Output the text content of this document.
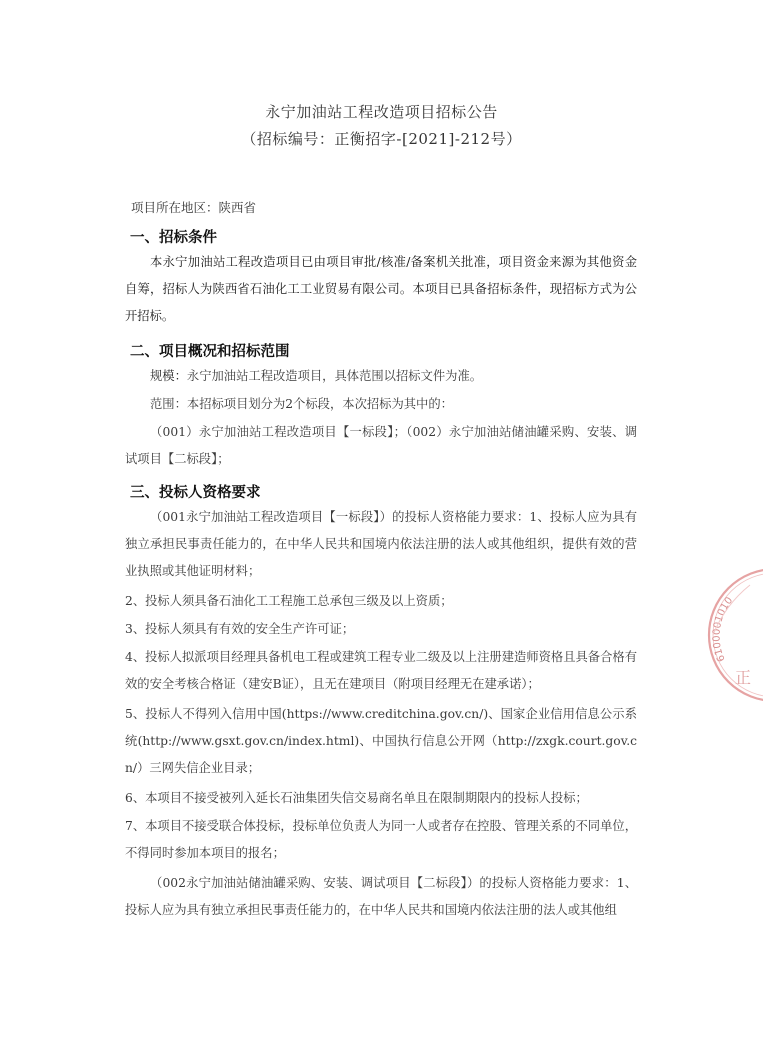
永宁加油站工程改造项目招标公告
（招标编号：正衡招字-[2021]-212号）
项目所在地区：陕西省
一、招标条件

本永宁加油站工程改造项目已由项目审批/核准/备案机关批准，项目资金来源为其他资金自筹，招标人为陕西省石油化工工业贸易有限公司。本项目已具备招标条件，现招标方式为公开招标。

二、项目概况和招标范围

规模：永宁加油站工程改造项目，具体范围以招标文件为准。

范围：本招标项目划分为2个标段，本次招标为其中的：

（001）永宁加油站工程改造项目【一标段】；（002）永宁加油站储油罐采购、安装、调试项目【二标段】；

三、投标人资格要求

（001永宁加油站工程改造项目【一标段】）的投标人资格能力要求：1、投标人应为具有独立承担民事责任能力的，在中华人民共和国境内依法注册的法人或其他组织，提供有效的营业执照或其他证明材料；

2、投标人须具备石油化工工程施工总承包三级及以上资质；

3、投标人须具有有效的安全生产许可证；

4、投标人拟派项目经理具备机电工程或建筑工程专业二级及以上注册建造师资格且具备合格有效的安全考核合格证（建安B证），且无在建项目（附项目经理无在建承诺）；

5、投标人不得列入信用中国(https://www.creditchina.gov.cn/)、国家企业信用信息公示系统(http://www.gsxt.gov.cn/index.html)、中国执行信息公开网（http://zxgk.court.gov.cn/）三网失信企业目录；

6、本项目不接受被列入延长石油集团失信交易商名单且在限制期限内的投标人投标；

7、本项目不接受联合体投标，投标单位负责人为同一人或者存在控股、管理关系的不同单位，不得同时参加本项目的报名；

（002永宁加油站储油罐采购、安装、调试项目【二标段】）的投标人资格能力要求：1、投标人应为具有独立承担民事责任能力的，在中华人民共和国境内依法注册的法人或其他组

6100001010
正
